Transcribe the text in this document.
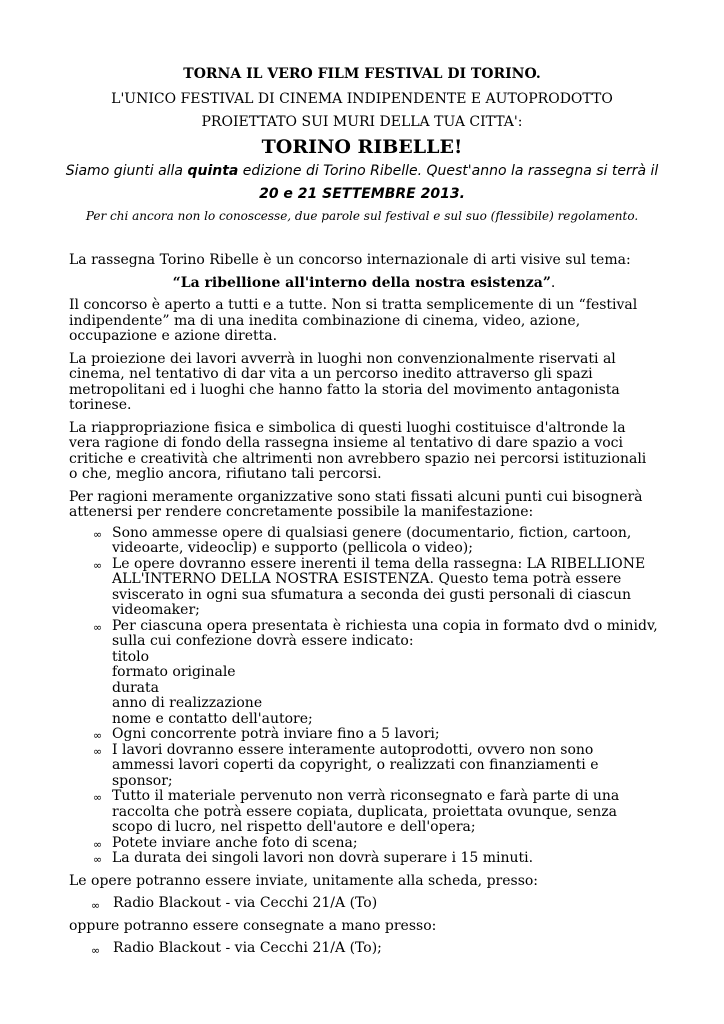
TORNA IL VERO FILM FESTIVAL DI TORINO.
L'UNICO FESTIVAL DI CINEMA INDIPENDENTE E AUTOPRODOTTO
PROIETTATO SUI MURI DELLA TUA CITTA':
TORINO RIBELLE!
Siamo giunti alla quinta edizione di Torino Ribelle. Quest'anno la rassegna si terrà il
20 e 21 SETTEMBRE 2013.
Per chi ancora non lo conoscesse, due parole sul festival e sul suo (flessibile) regolamento.

La rassegna Torino Ribelle è un concorso internazionale di arti visive sul tema:

“La ribellione all'interno della nostra esistenza”.

Il concorso è aperto a tutti e a tutte. Non si tratta semplicemente di un “festival indipendente” ma di una inedita combinazione di cinema, video, azione, occupazione e azione diretta.

La proiezione dei lavori avverrà in luoghi non convenzionalmente riservati al cinema, nel tentativo di dar vita a un percorso inedito attraverso gli spazi metropolitani ed i luoghi che hanno fatto la storia del movimento antagonista torinese.

La riappropriazione fisica e simbolica di questi luoghi costituisce d'altronde la vera ragione di fondo della rassegna insieme al tentativo di dare spazio a voci critiche e creatività che altrimenti non avrebbero spazio nei percorsi istituzionali o che, meglio ancora, rifiutano tali percorsi.

Per ragioni meramente organizzative sono stati fissati alcuni punti cui bisognerà attenersi per rendere concretamente possibile la manifestazione:

∞ Sono ammesse opere di qualsiasi genere (documentario, fiction, cartoon, videoarte, videoclip) e supporto (pellicola o video);
∞ Le opere dovranno essere inerenti il tema della rassegna: LA RIBELLIONE ALL'INTERNO DELLA NOSTRA ESISTENZA. Questo tema potrà essere sviscerato in ogni sua sfumatura a seconda dei gusti personali di ciascun videomaker;
∞ Per ciascuna opera presentata è richiesta una copia in formato dvd o minidv, sulla cui confezione dovrà essere indicato:
titolo
formato originale
durata
anno di realizzazione
nome e contatto dell'autore;
∞ Ogni concorrente potrà inviare fino a 5 lavori;
∞ I lavori dovranno essere interamente autoprodotti, ovvero non sono ammessi lavori coperti da copyright, o realizzati con finanziamenti e sponsor;
∞ Tutto il materiale pervenuto non verrà riconsegnato e farà parte di una raccolta che potrà essere copiata, duplicata, proiettata ovunque, senza scopo di lucro, nel rispetto dell'autore e dell'opera;
∞ Potete inviare anche foto di scena;
∞ La durata dei singoli lavori non dovrà superare i 15 minuti.

Le opere potranno essere inviate, unitamente alla scheda, presso:

∞ Radio Blackout - via Cecchi 21/A (To)

oppure potranno essere consegnate a mano presso:

∞ Radio Blackout - via Cecchi 21/A (To);
